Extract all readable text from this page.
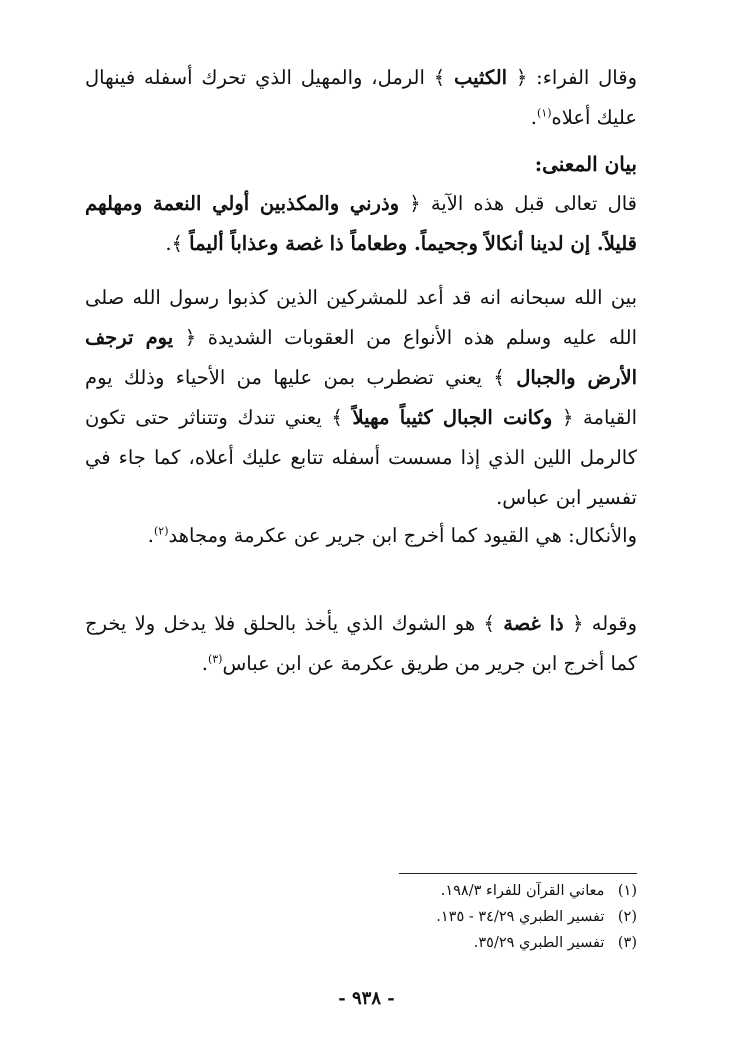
وقال الفراء: ﴿ الكثيب ﴾ الرمل، والمهيل الذي تحرك أسفله فينهال عليك أعلاه$^{(١)}$.

بيان المعنى:

قال تعالى قبل هذه الآية ﴿ وذرني والمكذبين أولي النعمة ومهلهم قليلاً. إن لدينا أنكالاً وجحيماً. وطعاماً ذا غصة وعذاباً أليماً ﴾.

بين الله سبحانه انه قد أعد للمشركين الذين كذبوا رسول الله صلى الله عليه وسلم هذه الأنواع من العقوبات الشديدة ﴿ يوم ترجف الأرض والجبال ﴾ يعني تضطرب بمن عليها من الأحياء وذلك يوم القيامة ﴿ وكانت الجبال كثيباً مهيلاً ﴾ يعني تندك وتتناثر حتى تكون كالرمل اللين الذي إذا مسست أسفله تتابع عليك أعلاه، كما جاء في تفسير ابن عباس.

والأنكال: هي القيود كما أخرج ابن جرير عن عكرمة ومجاهد$^{(٢)}$.

وقوله ﴿ ذا غصة ﴾ هو الشوك الذي يأخذ بالحلق فلا يدخل ولا يخرج كما أخرج ابن جرير من طريق عكرمة عن ابن عباس$^{(٣)}$.

(١) معاني القرآن للفراء ١٩٨/٣.
(٢) تفسير الطبري ٣٤/٢٩ - ١٣٥.
(٣) تفسير الطبري ٣٥/٢٩.
- ٩٣٨ -
